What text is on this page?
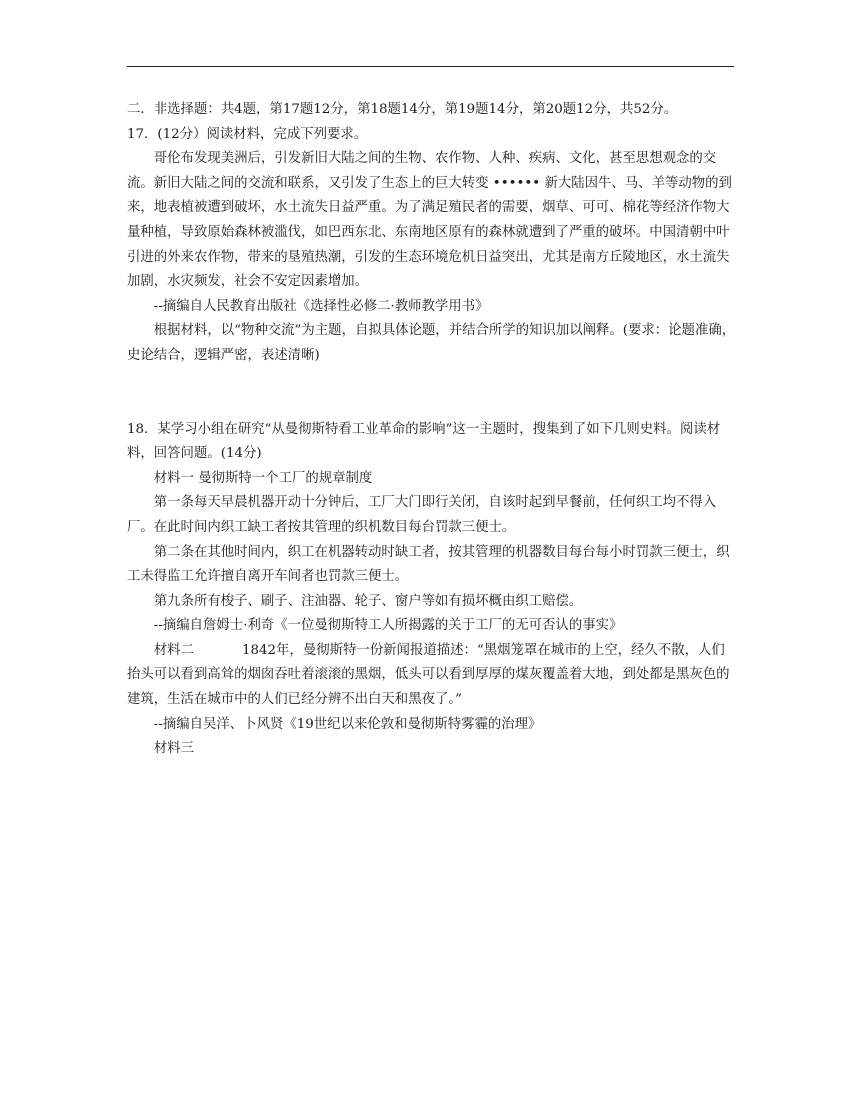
二．非选择题：共4题，第17题12分，第18题14分，第19题14分，第20题12分，共52分。

17．(12分）阅读材料，完成下列要求。

哥伦布发现美洲后，引发新旧大陆之间的生物、农作物、人种、疾病、文化，甚至思想观念的交流。新旧大陆之间的交流和联系，又引发了生态上的巨大转变 •••••• 新大陆因牛、马、羊等动物的到来，地表植被遭到破坏，水土流失日益严重。为了满足殖民者的需要，烟草、可可、棉花等经济作物大量种植，导致原始森林被滥伐，如巴西东北、东南地区原有的森林就遭到了严重的破坏。中国清朝中叶引进的外来农作物，带来的垦殖热潮，引发的生态环境危机日益突出，尤其是南方丘陵地区，水土流失加剧，水灾频发，社会不安定因素增加。

--摘编自人民教育出版社《选择性必修二·教师教学用书》

根据材料，以“物种交流”为主题，自拟具体论题，并结合所学的知识加以阐释。(要求：论题准确，史论结合，逻辑严密，表述清晰)

18．某学习小组在研究“从曼彻斯特看工业革命的影响”这一主题时，搜集到了如下几则史料。阅读材料，回答问题。(14分)

材料一 曼彻斯特一个工厂的规章制度

第一条每天早晨机器开动十分钟后，工厂大门即行关闭，自该时起到早餐前，任何织工均不得入厂。在此时间内织工缺工者按其管理的织机数目每台罚款三便士。

第二条在其他时间内，织工在机器转动时缺工者，按其管理的机器数目每台每小时罚款三便士，织工未得监工允许擅自离开车间者也罚款三便士。

第九条所有梭子、刷子、注油器、轮子、窗户等如有损坏概由织工赔偿。

--摘编自詹姆士·利奇《一位曼彻斯特工人所揭露的关于工厂的无可否认的事实》

材料二	1842年，曼彻斯特一份新闻报道描述：“黑烟笼罩在城市的上空，经久不散，人们抬头可以看到高耸的烟囱吞吐着滚滚的黑烟，低头可以看到厚厚的煤灰覆盖着大地，到处都是黑灰色的建筑，生活在城市中的人们已经分辨不出白天和黑夜了。”

--摘编自吴洋、卜风贤《19世纪以来伦敦和曼彻斯特雾霾的治理》

材料三
